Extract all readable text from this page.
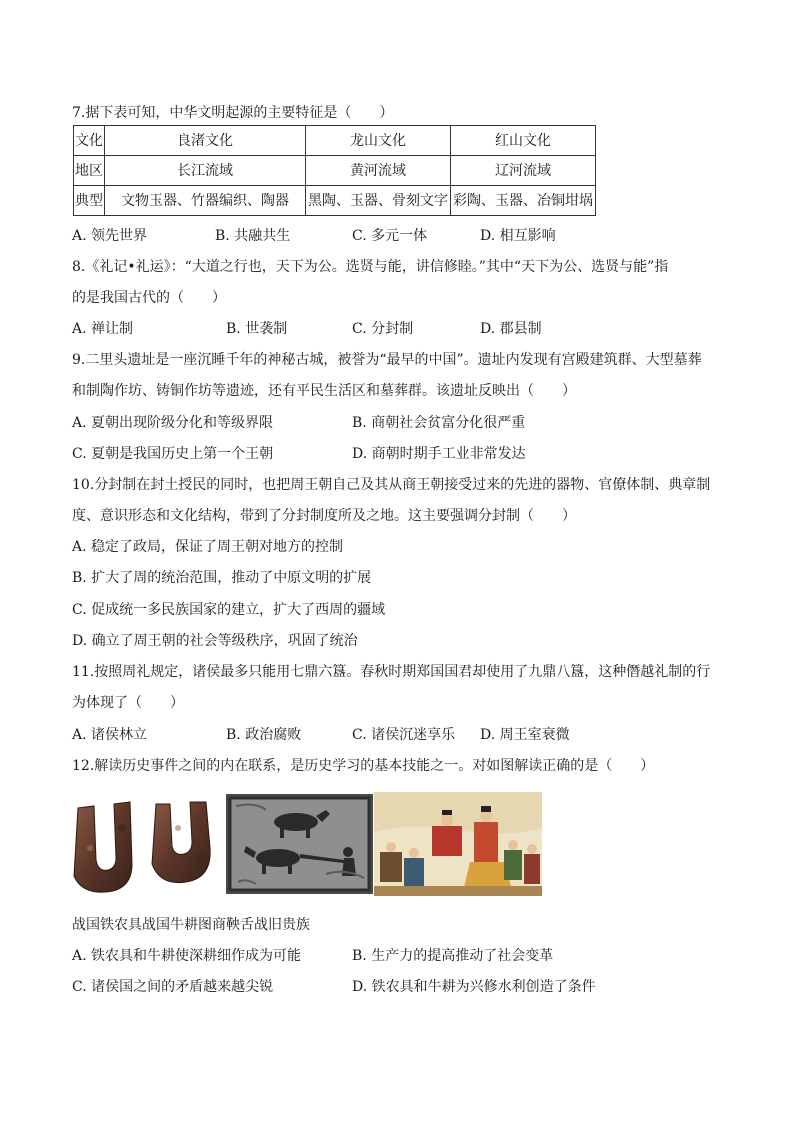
7.据下表可知，中华文明起源的主要特征是（　　）
文化	良渚文化	龙山文化	红山文化
地区	长江流域	黄河流域	辽河流域
典型	文物玉器、竹器编织、陶器	黑陶、玉器、骨刻文字	彩陶、玉器、冶铜坩埚
A. 领先世界	B. 共融共生	C. 多元一体	D. 相互影响
8.《礼记•礼运》：“大道之行也，天下为公。选贤与能，讲信修睦。”其中“天下为公、选贤与能”指
的是我国古代的（　　）
A. 禅让制	B. 世袭制	C. 分封制	D. 郡县制
9.二里头遗址是一座沉睡千年的神秘古城，被誉为“最早的中国”。遗址内发现有宫殿建筑群、大型墓葬
和制陶作坊、铸铜作坊等遗迹，还有平民生活区和墓葬群。该遗址反映出（　　）
A. 夏朝出现阶级分化和等级界限	B. 商朝社会贫富分化很严重
C. 夏朝是我国历史上第一个王朝	D. 商朝时期手工业非常发达
10.分封制在封土授民的同时，也把周王朝自己及其从商王朝接受过来的先进的器物、官僚体制、典章制
度、意识形态和文化结构，带到了分封制度所及之地。这主要强调分封制（　　）
A. 稳定了政局，保证了周王朝对地方的控制
B. 扩大了周的统治范围，推动了中原文明的扩展
C. 促成统一多民族国家的建立，扩大了西周的疆域
D. 确立了周王朝的社会等级秩序，巩固了统治
11.按照周礼规定，诸侯最多只能用七鼎六簋。春秋时期郑国国君却使用了九鼎八簋，这种僭越礼制的行
为体现了（　　）
A. 诸侯林立	B. 政治腐败	C. 诸侯沉迷享乐 D. 周王室衰微
12.解读历史事件之间的内在联系，是历史学习的基本技能之一。对如图解读正确的是（　　）
战国铁农具战国牛耕图商鞅舌战旧贵族
A. 铁农具和牛耕使深耕细作成为可能	B. 生产力的提高推动了社会变革
C. 诸侯国之间的矛盾越来越尖锐	D. 铁农具和牛耕为兴修水利创造了条件
